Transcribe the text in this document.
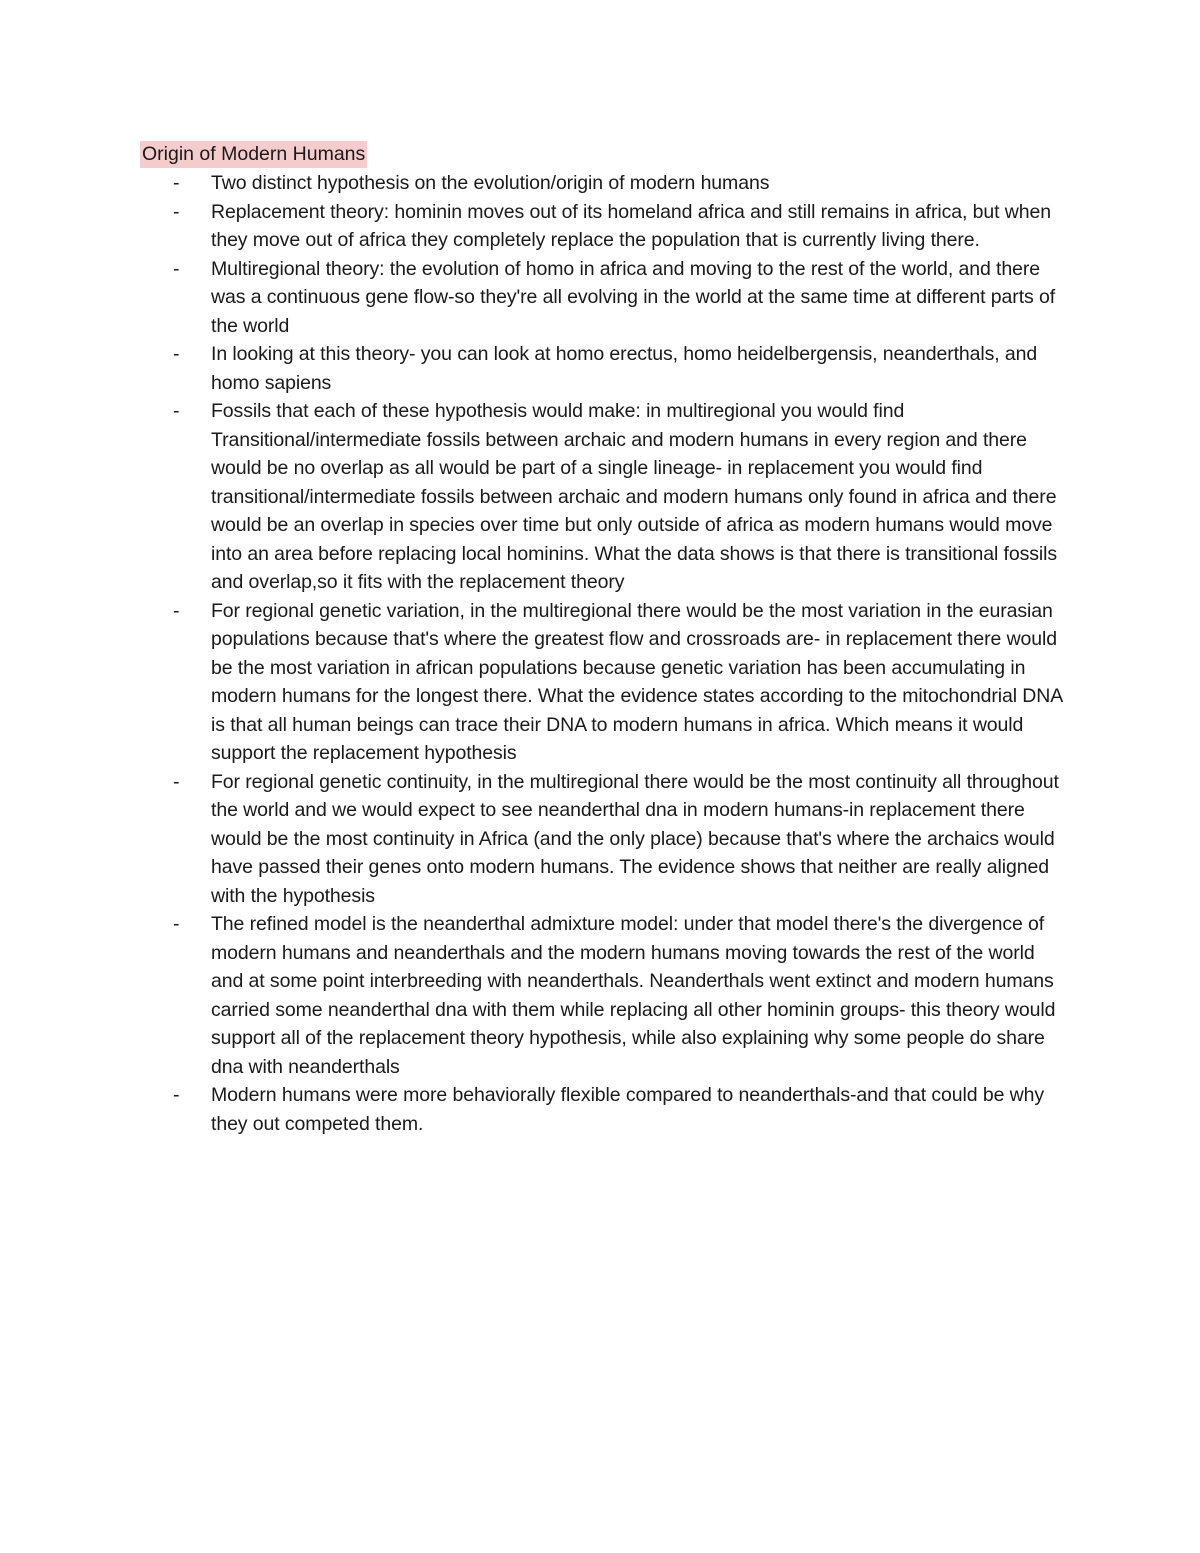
Origin of Modern Humans
- Two distinct hypothesis on the evolution/origin of modern humans
- Replacement theory: hominin moves out of its homeland africa and still remains in africa, but when they move out of africa they completely replace the population that is currently living there.
- Multiregional theory: the evolution of homo in africa and moving to the rest of the world, and there was a continuous gene flow-so they're all evolving in the world at the same time at different parts of the world
- In looking at this theory- you can look at homo erectus, homo heidelbergensis, neanderthals, and homo sapiens
- Fossils that each of these hypothesis would make: in multiregional you would find Transitional/intermediate fossils between archaic and modern humans in every region and there would be no overlap as all would be part of a single lineage- in replacement you would find transitional/intermediate fossils between archaic and modern humans only found in africa and there would be an overlap in species over time but only outside of africa as modern humans would move into an area before replacing local hominins. What the data shows is that there is transitional fossils and overlap,so it fits with the replacement theory
- For regional genetic variation, in the multiregional there would be the most variation in the eurasian populations because that's where the greatest flow and crossroads are- in replacement there would be the most variation in african populations because genetic variation has been accumulating in modern humans for the longest there. What the evidence states according to the mitochondrial DNA is that all human beings can trace their DNA to modern humans in africa. Which means it would support the replacement hypothesis
- For regional genetic continuity, in the multiregional there would be the most continuity all throughout the world and we would expect to see neanderthal dna in modern humans-in replacement there would be the most continuity in Africa (and the only place) because that's where the archaics would have passed their genes onto modern humans. The evidence shows that neither are really aligned with the hypothesis
- The refined model is the neanderthal admixture model: under that model there's the divergence of modern humans and neanderthals and the modern humans moving towards the rest of the world and at some point interbreeding with neanderthals. Neanderthals went extinct and modern humans carried some neanderthal dna with them while replacing all other hominin groups- this theory would support all of the replacement theory hypothesis, while also explaining why some people do share dna with neanderthals
- Modern humans were more behaviorally flexible compared to neanderthals-and that could be why they out competed them.
